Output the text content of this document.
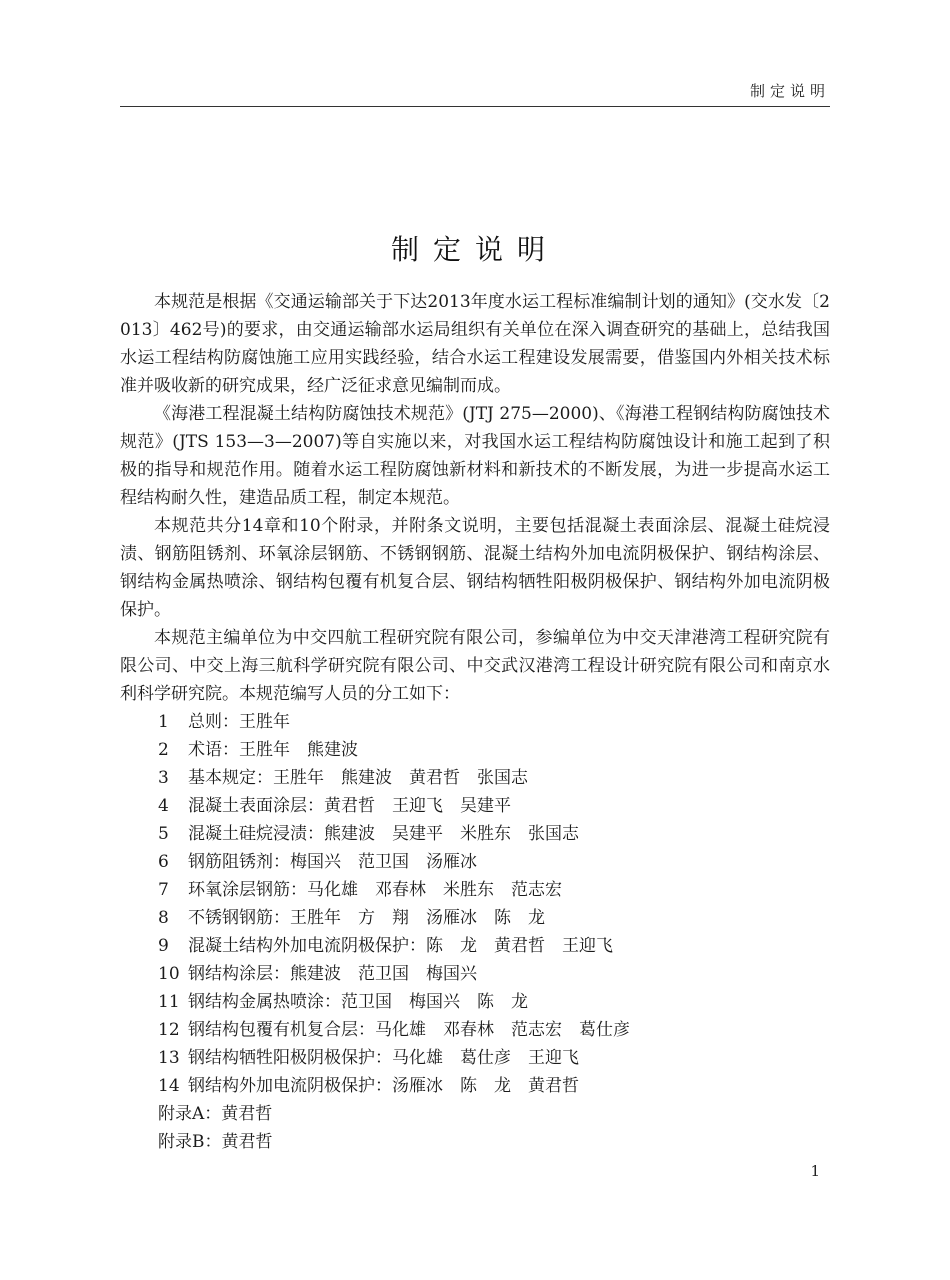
制定说明
制定说明

本规范是根据《交通运输部关于下达2013年度水运工程标准编制计划的通知》(交水发〔2013〕462号)的要求，由交通运输部水运局组织有关单位在深入调查研究的基础上，总结我国水运工程结构防腐蚀施工应用实践经验，结合水运工程建设发展需要，借鉴国内外相关技术标准并吸收新的研究成果，经广泛征求意见编制而成。

《海港工程混凝土结构防腐蚀技术规范》(JTJ 275—2000)、《海港工程钢结构防腐蚀技术规范》(JTS 153—3—2007)等自实施以来，对我国水运工程结构防腐蚀设计和施工起到了积极的指导和规范作用。随着水运工程防腐蚀新材料和新技术的不断发展，为进一步提高水运工程结构耐久性，建造品质工程，制定本规范。

本规范共分14章和10个附录，并附条文说明，主要包括混凝土表面涂层、混凝土硅烷浸渍、钢筋阻锈剂、环氧涂层钢筋、不锈钢钢筋、混凝土结构外加电流阴极保护、钢结构涂层、钢结构金属热喷涂、钢结构包覆有机复合层、钢结构牺牲阳极阴极保护、钢结构外加电流阴极保护。

本规范主编单位为中交四航工程研究院有限公司，参编单位为中交天津港湾工程研究院有限公司、中交上海三航科学研究院有限公司、中交武汉港湾工程设计研究院有限公司和南京水利科学研究院。本规范编写人员的分工如下：

1 总则：王胜年
2 术语：王胜年　熊建波
3 基本规定：王胜年　熊建波　黄君哲　张国志
4 混凝土表面涂层：黄君哲　王迎飞　吴建平
5 混凝土硅烷浸渍：熊建波　吴建平　米胜东　张国志
6 钢筋阻锈剂：梅国兴　范卫国　汤雁冰
7 环氧涂层钢筋：马化雄　邓春林　米胜东　范志宏
8 不锈钢钢筋：王胜年　方　翔　汤雁冰　陈　龙
9 混凝土结构外加电流阴极保护：陈　龙　黄君哲　王迎飞
10 钢结构涂层：熊建波　范卫国　梅国兴
11 钢结构金属热喷涂：范卫国　梅国兴　陈　龙
12 钢结构包覆有机复合层：马化雄　邓春林　范志宏　葛仕彦
13 钢结构牺牲阳极阴极保护：马化雄　葛仕彦　王迎飞
14 钢结构外加电流阴极保护：汤雁冰　陈　龙　黄君哲
附录A：黄君哲
附录B：黄君哲
1
